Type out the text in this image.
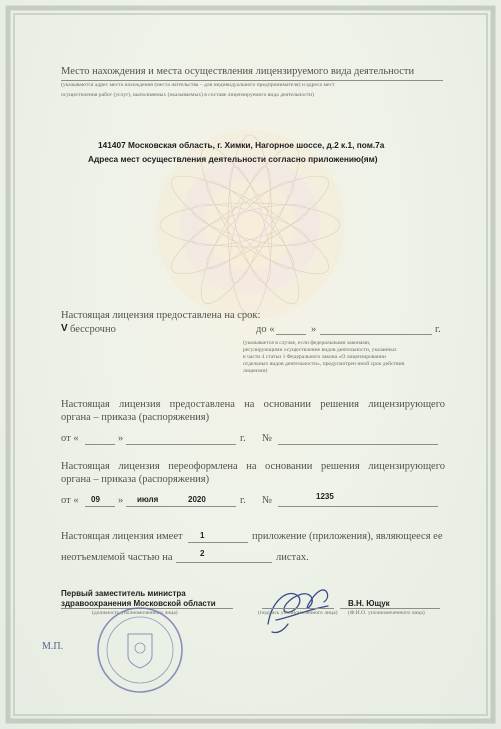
Место нахождения и места осуществления лицензируемого вида деятельности
(указываются адрес места нахождения (места жительства – для индивидуального предпринимателя) и адреса мест
осуществления работ (услуг), выполняемых (оказываемых) в составе лицензируемого вида деятельности)
141407 Московская область, г. Химки, Нагорное шоссе, д.2 к.1, пом.7а
Адреса мест осуществления деятельности согласно приложению(ям)
Настоящая лицензия предоставлена на срок:
V бессрочно	до «	»	г.
(указывается в случае, если федеральными законами,
регулирующими осуществление видов деятельности, указанных
в части 4 статьи 1 Федерального закона «О лицензировании
отдельных видов деятельности», предусмотрен иной срок действия
лицензии)
Настоящая лицензия предоставлена на основании решения лицензирующего
органа – приказа (распоряжения)
от «	»	г. №
Настоящая лицензия переоформлена на основании решения лицензирующего
органа – приказа (распоряжения)
от « 09 » июля	2020	г. №	1235
Настоящая лицензия имеет 1	приложение (приложения), являющееся ее
неотъемлемой частью на	2	листах.
Первый заместитель министра
здравоохранения Московской области
(должность уполномоченного лица)	(подпись уполномоченного лица)
В.Н. Ющук
(Ф.И.О. уполномоченного лица)
М.П.
